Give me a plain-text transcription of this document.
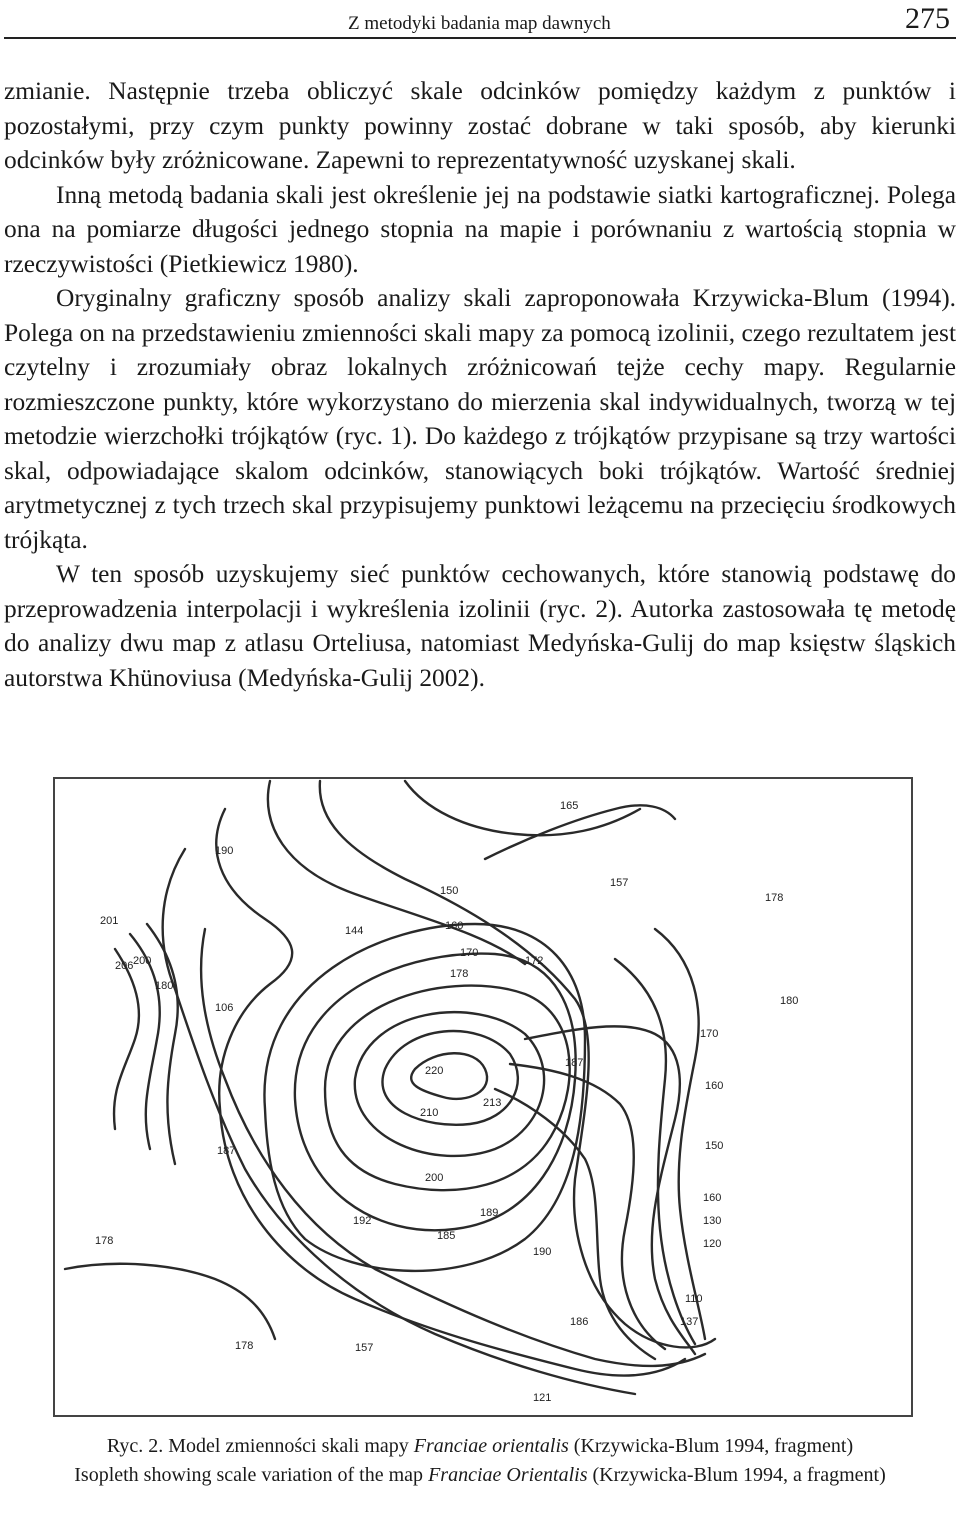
Z metodyki badania map dawnych	275

zmianie. Następnie trzeba obliczyć skale odcinków pomiędzy każdym z punktów i pozostałymi, przy czym punkty powinny zostać dobrane w taki sposób, aby kierunki odcinków były zróżnicowane. Zapewni to reprezentatywność uzyskanej skali.

Inną metodą badania skali jest określenie jej na podstawie siatki kartograficznej. Polega ona na pomiarze długości jednego stopnia na mapie i porównaniu z wartością stopnia w rzeczywistości (Pietkiewicz 1980).

Oryginalny graficzny sposób analizy skali zaproponowała Krzywicka-Blum (1994). Polega on na przedstawieniu zmienności skali mapy za pomocą izolinii, czego rezultatem jest czytelny i zrozumiały obraz lokalnych zróżnicowań tejże cechy mapy. Regularnie rozmieszczone punkty, które wykorzystano do mierzenia skal indywidualnych, tworzą w tej metodzie wierzchołki trójkątów (ryc. 1). Do każdego z trójkątów przypisane są trzy wartości skal, odpowiadające skalom odcinków, stanowiących boki trójkątów. Wartość średniej arytmetycznej z tych trzech skal przypisujemy punktowi leżącemu na przecięciu środkowych trójkąta.

W ten sposób uzyskujemy sieć punktów cechowanych, które stanowią podstawę do przeprowadzenia interpolacji i wykreślenia izolinii (ryc. 2). Autorka zastosowała tę metodę do analizy dwu map z atlasu Orteliusa, natomiast Medyńska-Gulij do map księstw śląskich autorstwa Khünoviusa (Medyńska-Gulij 2002).

165
190
157
178
201
144
150
160
170
172
178
206 200
180
106
180
170
220
187
160
210
213
150
187
200
160
192
189
130
178	185
190
120
110
186	137
178	157
121

Ryc. 2. Model zmienności skali mapy Franciae orientalis (Krzywicka-Blum 1994, fragment)

Isopleth showing scale variation of the map Franciae Orientalis (Krzywicka-Blum 1994, a fragment)
